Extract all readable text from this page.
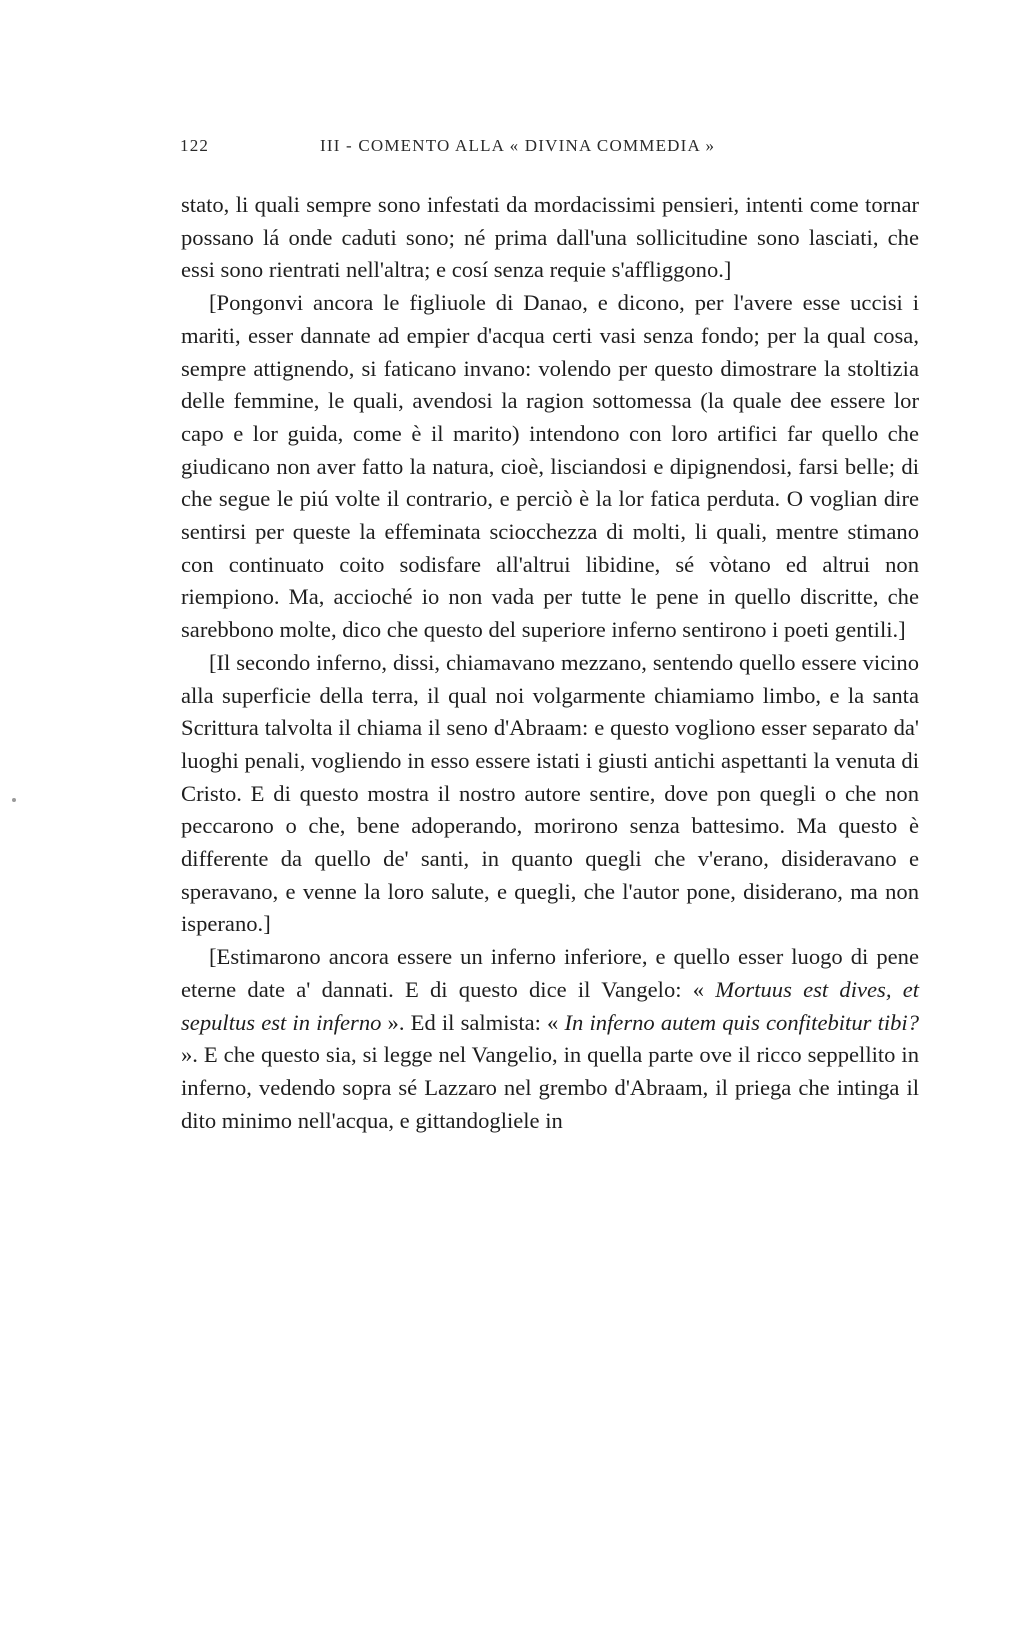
122	III - COMENTO ALLA « DIVINA COMMEDIA »

stato, li quali sempre sono infestati da mordacissimi pensieri, intenti come tornar possano lá onde caduti sono; né prima dall'una sollicitudine sono lasciati, che essi sono rientrati nell'altra; e cosí senza requie s'affliggono.]

[Pongonvi ancora le figliuole di Danao, e dicono, per l'avere esse uccisi i mariti, esser dannate ad empier d'acqua certi vasi senza fondo; per la qual cosa, sempre attignendo, si faticano invano: volendo per questo dimostrare la stoltizia delle femmine, le quali, avendosi la ragion sottomessa (la quale dee essere lor capo e lor guida, come è il marito) intendono con loro artifici far quello che giudicano non aver fatto la natura, cioè, lisciandosi e dipignendosi, farsi belle; di che segue le piú volte il contrario, e perciò è la lor fatica perduta. O voglian dire sentirsi per queste la effeminata sciocchezza di molti, li quali, mentre stimano con continuato coito sodisfare all'altrui libidine, sé vòtano ed altrui non riempiono. Ma, accioché io non vada per tutte le pene in quello discritte, che sarebbono molte, dico che questo del superiore inferno sentirono i poeti gentili.]

[Il secondo inferno, dissi, chiamavano mezzano, sentendo quello essere vicino alla superficie della terra, il qual noi volgarmente chiamiamo limbo, e la santa Scrittura talvolta il chiama il seno d'Abraam: e questo vogliono esser separato da' luoghi penali, vogliendo in esso essere istati i giusti antichi aspettanti la venuta di Cristo. E di questo mostra il nostro autore sentire, dove pon quegli o che non peccarono o che, bene adoperando, morirono senza battesimo. Ma questo è differente da quello de' santi, in quanto quegli che v'erano, disideravano e speravano, e venne la loro salute, e quegli, che l'autor pone, disiderano, ma non isperano.]

[Estimarono ancora essere un inferno inferiore, e quello esser luogo di pene eterne date a' dannati. E di questo dice il Vangelo: « Mortuus est dives, et sepultus est in inferno ». Ed il salmista: « In inferno autem quis confitebitur tibi? ». E che questo sia, si legge nel Vangelio, in quella parte ove il ricco seppellito in inferno, vedendo sopra sé Lazzaro nel grembo d'Abraam, il priega che intinga il dito minimo nell'acqua, e gittandogliele in
